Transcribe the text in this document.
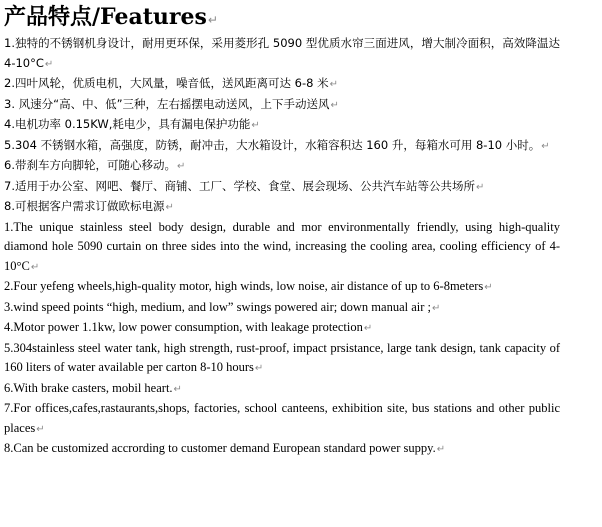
产品特点/Features↵

1.独特的不锈钢机身设计，耐用更环保，采用菱形孔 5090 型优质水帘三面进风，增大制冷面积，高效降温达 4-10°C↵

2.四叶风轮，优质电机，大风量，噪音低，送风距离可达 6-8 米↵

3. 风速分“高、中、低”三种，左右摇摆电动送风，上下手动送风↵

4.电机功率 0.15KW,耗电少，具有漏电保护功能↵

5.304 不锈钢水箱，高强度，防锈，耐冲击，大水箱设计，水箱容积达 160 升，每箱水可用 8-10 小时。↵

6.带刹车方向脚轮，可随心移动。↵

7.适用于办公室、网吧、餐厅、商铺、工厂、学校、食堂、展会现场、公共汽车站等公共场所↵

8.可根据客户需求订做欧标电源↵

1.The unique stainless steel body design, durable and mor environmentally friendly, using high-quality diamond hole 5090 curtain on three sides into the wind, increasing the cooling area, cooling efficiency of 4-10°C↵

2.Four yefeng wheels,high-quality motor, high winds, low noise, air distance of up to 6-8meters↵

3.wind speed points “high, medium, and low” swings powered air; down manual air ;↵

4.Motor power 1.1kw, low power consumption, with leakage protection↵

5.304stainless steel water tank, high strength, rust-proof, impact prsistance, large tank design, tank capacity of 160 liters of water available per carton 8-10 hours↵

6.With brake casters, mobil heart.↵

7.For offices,cafes,rastaurants,shops, factories, school canteens, exhibition site, bus stations and other public places↵

8.Can be customized accrording to customer demand European standard power suppy.↵
